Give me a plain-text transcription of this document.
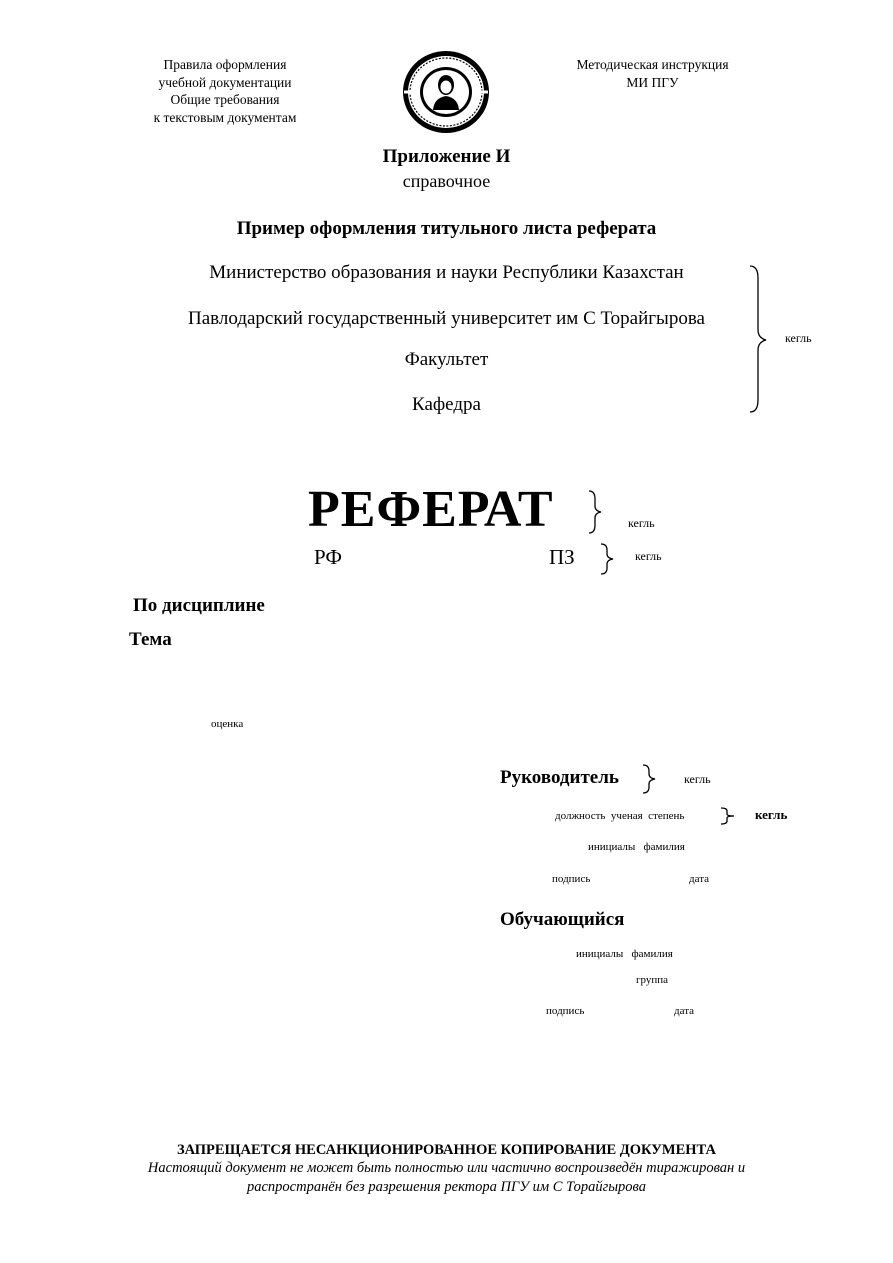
Правила оформления
учебной документации
Общие требования
к текстовым документам
Методическая инструкция
МИ ПГУ
Приложение И
справочное
Пример оформления титульного листа реферата
Министерство образования и науки Республики Казахстан
Павлодарский государственный университет им С Торайгырова
Факультет
Кафедра
кегль
РЕФЕРАТ	кегль
РФ	ПЗ	кегль
По дисциплине
Тема
оценка
Руководитель	кегль
должность  ученая  степень	кегль
инициалы   фамилия
подпись	дата
Обучающийся
инициалы   фамилия
группа
подпись	дата
ЗАПРЕЩАЕТСЯ НЕСАНКЦИОНИРОВАННОЕ КОПИРОВАНИЕ ДОКУМЕНТА
Настоящий документ не может быть полностью или частично воспроизведён тиражирован и
распространён без разрешения ректора ПГУ им С Торайгырова
